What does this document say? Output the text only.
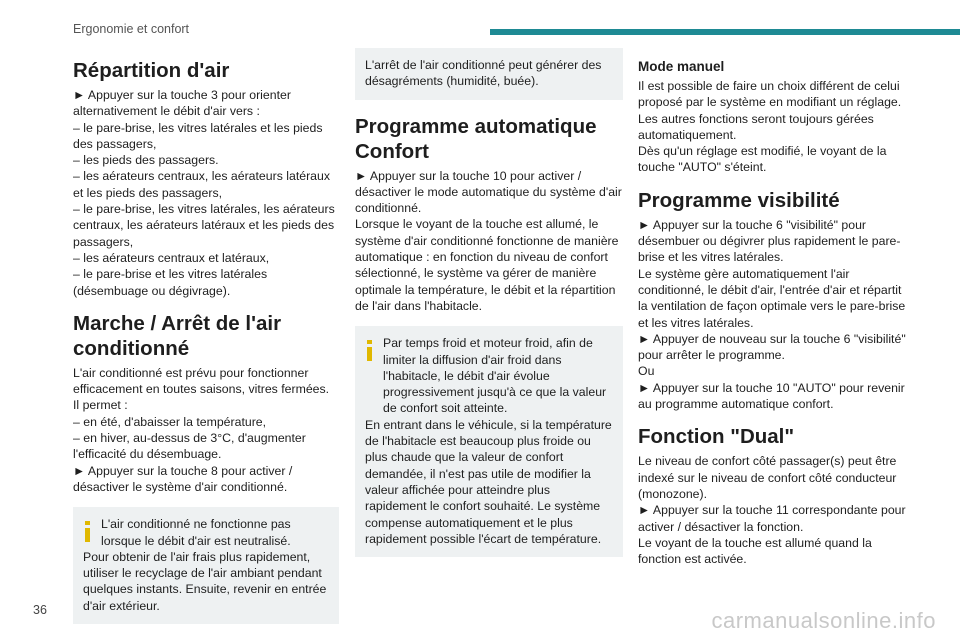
Ergonomie et confort
Répartition d'air

► Appuyer sur la touche 3 pour orienter alternativement le débit d'air vers :

– le pare-brise, les vitres latérales et les pieds des passagers,

– les pieds des passagers.

– les aérateurs centraux, les aérateurs latéraux et les pieds des passagers,

– le pare-brise, les vitres latérales, les aérateurs centraux, les aérateurs latéraux et les pieds des passagers,

– les aérateurs centraux et latéraux,

– le pare-brise et les vitres latérales (désembuage ou dégivrage).

Marche / Arrêt de l'air conditionné

L'air conditionné est prévu pour fonctionner efficacement en toutes saisons, vitres fermées.

Il permet :

– en été, d'abaisser la température,

– en hiver, au-dessus de 3°C, d'augmenter l'efficacité du désembuage.

► Appuyer sur la touche 8 pour activer / désactiver le système d'air conditionné.

L'air conditionné ne fonctionne pas lorsque le débit d'air est neutralisé.

Pour obtenir de l'air frais plus rapidement, utiliser le recyclage de l'air ambiant pendant quelques instants. Ensuite, revenir en entrée d'air extérieur.

L'arrêt de l'air conditionné peut générer des désagréments (humidité, buée).

Programme automatique Confort

► Appuyer sur la touche 10 pour activer / désactiver le mode automatique du système d'air conditionné.

Lorsque le voyant de la touche est allumé, le système d'air conditionné fonctionne de manière automatique : en fonction du niveau de confort sélectionné, le système va gérer de manière optimale la température, le débit et la répartition de l'air dans l'habitacle.

Par temps froid et moteur froid, afin de limiter la diffusion d'air froid dans l'habitacle, le débit d'air évolue progressivement jusqu'à ce que la valeur de confort soit atteinte.

En entrant dans le véhicule, si la température de l'habitacle est beaucoup plus froide ou plus chaude que la valeur de confort demandée, il n'est pas utile de modifier la valeur affichée pour atteindre plus rapidement le confort souhaité. Le système compense automatiquement et le plus rapidement possible l'écart de température.

Mode manuel

Il est possible de faire un choix différent de celui proposé par le système en modifiant un réglage. Les autres fonctions seront toujours gérées automatiquement.

Dès qu'un réglage est modifié, le voyant de la touche "AUTO" s'éteint.

Programme visibilité

► Appuyer sur la touche 6 "visibilité" pour désembuer ou dégivrer plus rapidement le pare-brise et les vitres latérales.

Le système gère automatiquement l'air conditionné, le débit d'air, l'entrée d'air et répartit la ventilation de façon optimale vers le pare-brise et les vitres latérales.

► Appuyer de nouveau sur la touche 6 "visibilité" pour arrêter le programme.

Ou

► Appuyer sur la touche 10 "AUTO" pour revenir au programme automatique confort.

Fonction "Dual"

Le niveau de confort côté passager(s) peut être indexé sur le niveau de confort côté conducteur (monozone).

► Appuyer sur la touche 11 correspondante pour activer / désactiver la fonction.

Le voyant de la touche est allumé quand la fonction est activée.

36	carmanualsonline.info
